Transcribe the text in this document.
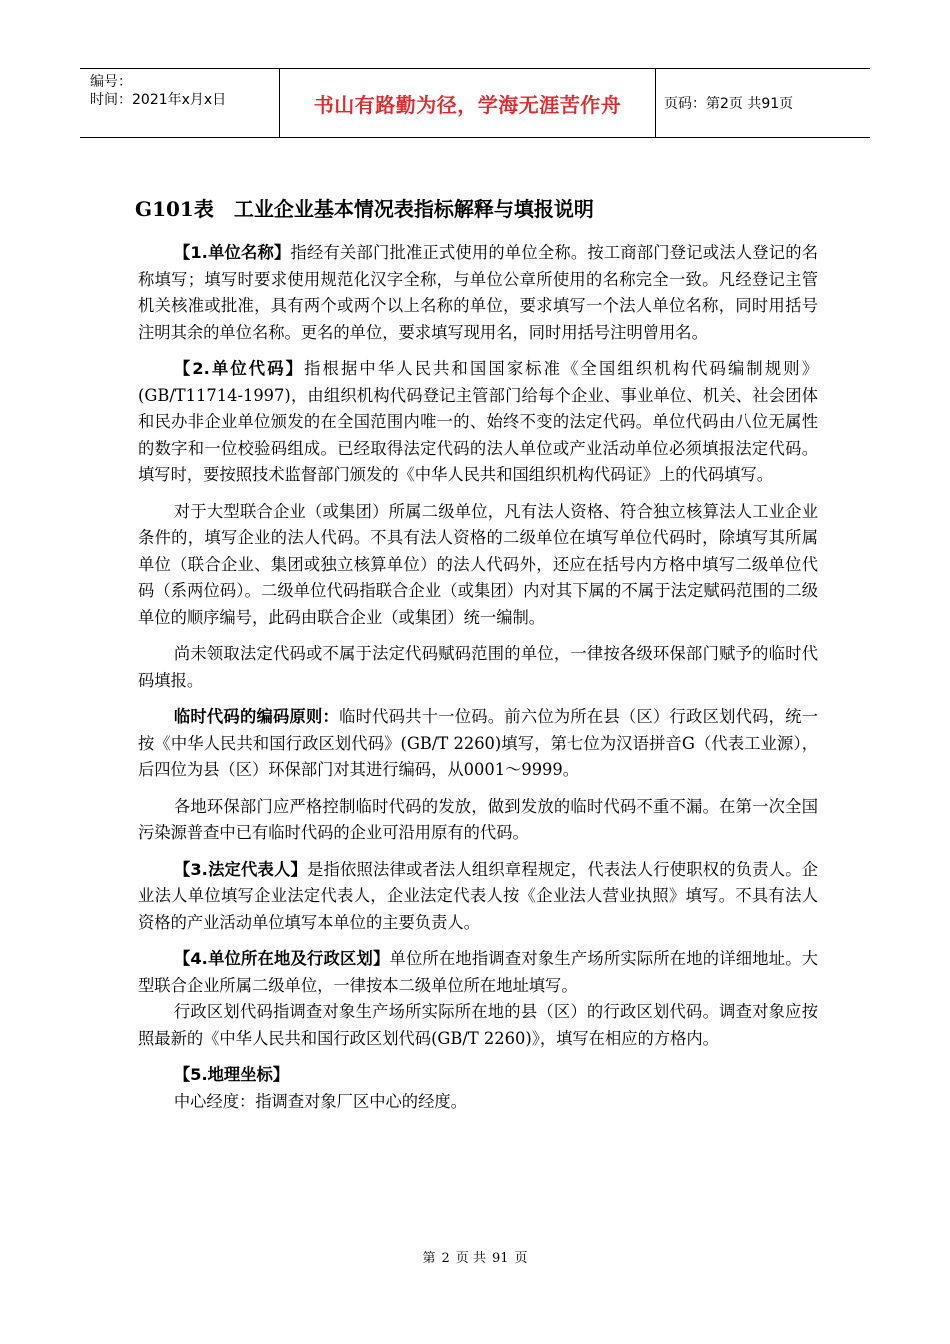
编号：
时间：2021年x月x日	书山有路勤为径，学海无涯苦作舟	页码：第2页 共91页
G101表　工业企业基本情况表指标解释与填报说明

【1.单位名称】指经有关部门批准正式使用的单位全称。按工商部门登记或法人登记的名称填写；填写时要求使用规范化汉字全称，与单位公章所使用的名称完全一致。凡经登记主管机关核准或批准，具有两个或两个以上名称的单位，要求填写一个法人单位名称，同时用括号注明其余的单位名称。更名的单位，要求填写现用名，同时用括号注明曾用名。

【2.单位代码】指根据中华人民共和国国家标准《全国组织机构代码编制规则》(GB/T11714-1997)，由组织机构代码登记主管部门给每个企业、事业单位、机关、社会团体和民办非企业单位颁发的在全国范围内唯一的、始终不变的法定代码。单位代码由八位无属性的数字和一位校验码组成。已经取得法定代码的法人单位或产业活动单位必须填报法定代码。填写时，要按照技术监督部门颁发的《中华人民共和国组织机构代码证》上的代码填写。

对于大型联合企业（或集团）所属二级单位，凡有法人资格、符合独立核算法人工业企业条件的，填写企业的法人代码。不具有法人资格的二级单位在填写单位代码时，除填写其所属单位（联合企业、集团或独立核算单位）的法人代码外，还应在括号内方格中填写二级单位代码（系两位码）。二级单位代码指联合企业（或集团）内对其下属的不属于法定赋码范围的二级单位的顺序编号，此码由联合企业（或集团）统一编制。

尚未领取法定代码或不属于法定代码赋码范围的单位，一律按各级环保部门赋予的临时代码填报。

临时代码的编码原则：临时代码共十一位码。前六位为所在县（区）行政区划代码，统一按《中华人民共和国行政区划代码》(GB/T 2260)填写，第七位为汉语拼音G（代表工业源），后四位为县（区）环保部门对其进行编码，从0001～9999。

各地环保部门应严格控制临时代码的发放，做到发放的临时代码不重不漏。在第一次全国污染源普查中已有临时代码的企业可沿用原有的代码。

【3.法定代表人】是指依照法律或者法人组织章程规定，代表法人行使职权的负责人。企业法人单位填写企业法定代表人，企业法定代表人按《企业法人营业执照》填写。不具有法人资格的产业活动单位填写本单位的主要负责人。

【4.单位所在地及行政区划】单位所在地指调查对象生产场所实际所在地的详细地址。大型联合企业所属二级单位，一律按本二级单位所在地址填写。

行政区划代码指调查对象生产场所实际所在地的县（区）的行政区划代码。调查对象应按照最新的《中华人民共和国行政区划代码(GB/T 2260)》，填写在相应的方格内。

【5.地理坐标】

中心经度：指调查对象厂区中心的经度。

第 2 页 共 91 页
